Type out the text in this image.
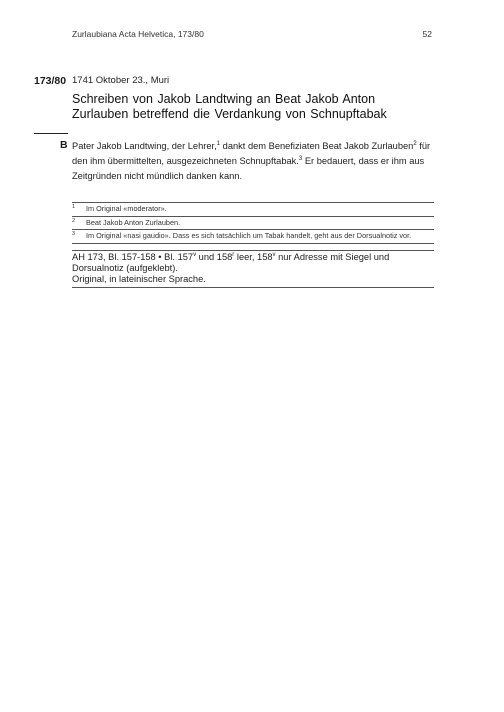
Zurlaubiana Acta Helvetica, 173/80	52
173/80 1741 Oktober 23., Muri
Schreiben von Jakob Landtwing an Beat Jakob Anton Zurlauben betreffend die Verdankung von Schnupftabak
B Pater Jakob Landtwing, der Lehrer,$^1$ dankt dem Benefiziaten Beat Jakob Zurlauben$^2$ für den ihm übermittelten, ausgezeichneten Schnupftabak.$^3$ Er bedauert, dass er ihm aus Zeitgründen nicht mündlich danken kann.
1 Im Original «moderator».
2 Beat Jakob Anton Zurlauben.
3 Im Original «nasi gaudio». Dass es sich tatsächlich um Tabak handelt, geht aus der Dorsualnotiz vor.
AH 173, Bl. 157-158 • Bl. 157$^v$ und 158$^r$ leer, 158$^v$ nur Adresse mit Siegel und Dorsualnotiz (aufgeklebt).
Original, in lateinischer Sprache.
